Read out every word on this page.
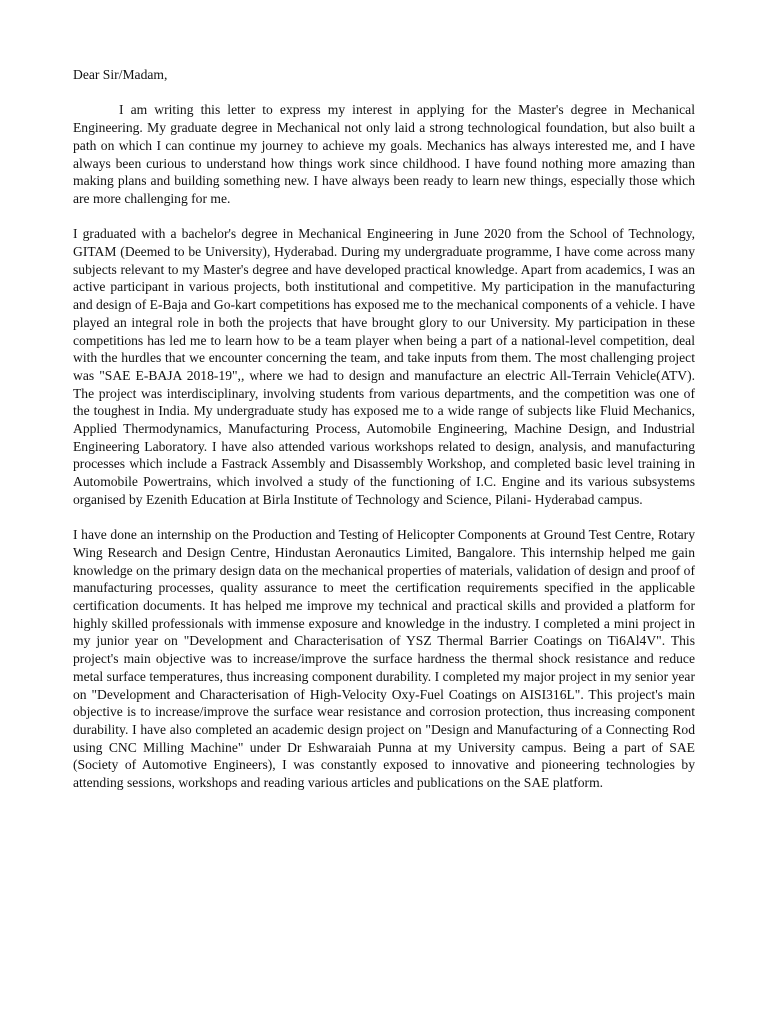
Dear Sir/Madam,

I am writing this letter to express my interest in applying for the Master's degree in Mechanical Engineering. My graduate degree in Mechanical not only laid a strong technological foundation, but also built a path on which I can continue my journey to achieve my goals. Mechanics has always interested me, and I have always been curious to understand how things work since childhood. I have found nothing more amazing than making plans and building something new. I have always been ready to learn new things, especially those which are more challenging for me.

I graduated with a bachelor's degree in Mechanical Engineering in June 2020 from the School of Technology, GITAM (Deemed to be University), Hyderabad. During my undergraduate programme, I have come across many subjects relevant to my Master's degree and have developed practical knowledge. Apart from academics, I was an active participant in various projects, both institutional and competitive. My participation in the manufacturing and design of E-Baja and Go-kart competitions has exposed me to the mechanical components of a vehicle. I have played an integral role in both the projects that have brought glory to our University. My participation in these competitions has led me to learn how to be a team player when being a part of a national-level competition, deal with the hurdles that we encounter concerning the team, and take inputs from them. The most challenging project was "SAE E-BAJA 2018-19",, where we had to design and manufacture an electric All-Terrain Vehicle(ATV). The project was interdisciplinary, involving students from various departments, and the competition was one of the toughest in India. My undergraduate study has exposed me to a wide range of subjects like Fluid Mechanics, Applied Thermodynamics, Manufacturing Process, Automobile Engineering, Machine Design, and Industrial Engineering Laboratory. I have also attended various workshops related to design, analysis, and manufacturing processes which include a Fastrack Assembly and Disassembly Workshop, and completed basic level training in Automobile Powertrains, which involved a study of the functioning of I.C. Engine and its various subsystems organised by Ezenith Education at Birla Institute of Technology and Science, Pilani- Hyderabad campus.

I have done an internship on the Production and Testing of Helicopter Components at Ground Test Centre, Rotary Wing Research and Design Centre, Hindustan Aeronautics Limited, Bangalore. This internship helped me gain knowledge on the primary design data on the mechanical properties of materials, validation of design and proof of manufacturing processes, quality assurance to meet the certification requirements specified in the applicable certification documents. It has helped me improve my technical and practical skills and provided a platform for highly skilled professionals with immense exposure and knowledge in the industry. I completed a mini project in my junior year on "Development and Characterisation of YSZ Thermal Barrier Coatings on Ti6Al4V". This project's main objective was to increase/improve the surface hardness the thermal shock resistance and reduce metal surface temperatures, thus increasing component durability. I completed my major project in my senior year on "Development and Characterisation of High-Velocity Oxy-Fuel Coatings on AISI316L". This project's main objective is to increase/improve the surface wear resistance and corrosion protection, thus increasing component durability. I have also completed an academic design project on "Design and Manufacturing of a Connecting Rod using CNC Milling Machine" under Dr Eshwaraiah Punna at my University campus. Being a part of SAE (Society of Automotive Engineers), I was constantly exposed to innovative and pioneering technologies by attending sessions, workshops and reading various articles and publications on the SAE platform.
